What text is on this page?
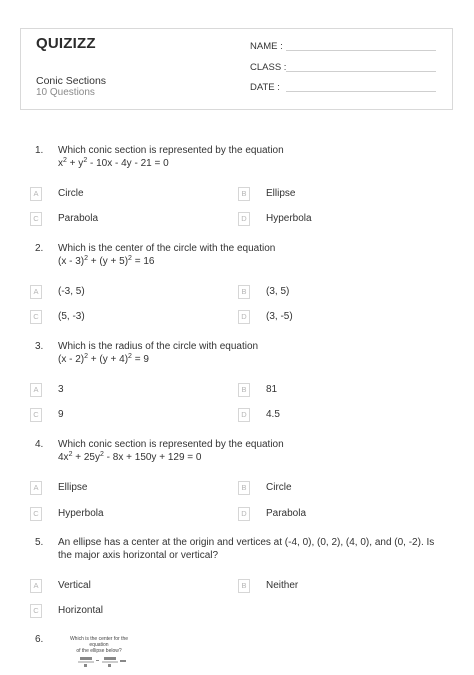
QUIZIZZ
Conic Sections
10 Questions
NAME :
CLASS :
DATE :
1. Which conic section is represented by the equation
$x^2 + y^2 - 10x - 4y - 21 = 0$
A	Circle	B	Ellipse
C	Parabola	D	Hyperbola
2. Which is the center of the circle with the equation
$(x - 3)^2 + (y + 5)^2 = 16$
A	(-3, 5)	B	(3, 5)
C	(5, -3)	D	(3, -5)
3. Which is the radius of the circle with equation
$(x - 2)^2 + (y + 4)^2 = 9$
A	3	B	81
C	9	D	4.5
4. Which conic section is represented by the equation
$4x^2 + 25y^2 - 8x + 150y + 129 = 0$
A	Ellipse	B	Circle
C	Hyperbola	D	Parabola
5. An ellipse has a center at the origin and vertices at (-4, 0), (0, 2), (4, 0), and (0, -2). Is the major axis horizontal or vertical?
A	Vertical	B	Neither
C	Horizontal
6.	Which is the center for the equation
of the ellipse below?
